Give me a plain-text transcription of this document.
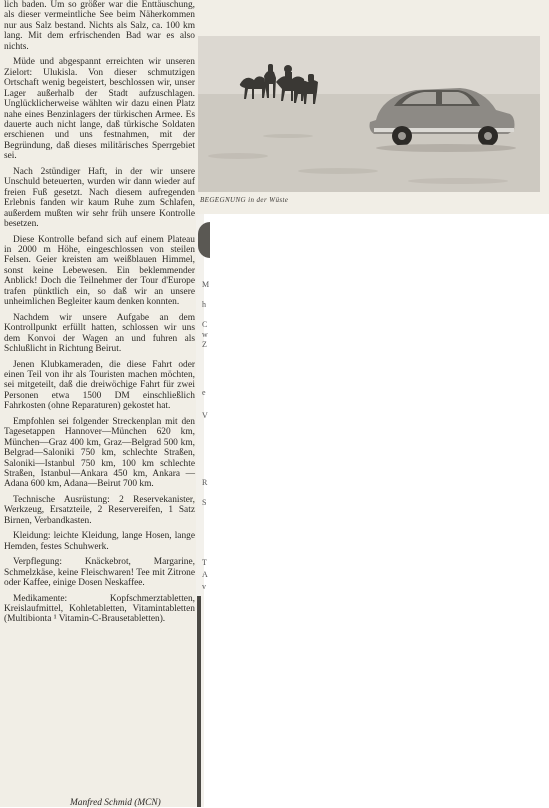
lich baden. Um so größer war die Enttäuschung, als dieser vermeintliche See beim Näherkommen nur aus Salz bestand. Nichts als Salz, ca. 100 km lang. Mit dem erfrischenden Bad war es also nichts.

Müde und abgespannt erreichten wir unseren Zielort: Ulukisla. Von dieser schmutzigen Ortschaft wenig begeistert, beschlossen wir, unser Lager außerhalb der Stadt aufzuschlagen. Unglücklicherweise wählten wir dazu einen Platz nahe eines Benzinlagers der türkischen Armee. Es dauerte auch nicht lange, daß türkische Soldaten erschienen und uns festnahmen, mit der Begründung, daß dieses militärisches Sperrgebiet sei.

Nach 2stündiger Haft, in der wir unsere Unschuld beteuerten, wurden wir dann wieder auf freien Fuß gesetzt. Nach diesem aufregenden Erlebnis fanden wir kaum Ruhe zum Schlafen, außerdem mußten wir sehr früh unsere Kontrolle besetzen.

Diese Kontrolle befand sich auf einem Plateau in 2000 m Höhe, eingeschlossen von steilen Felsen. Geier kreisten am weißblauen Himmel, sonst keine Lebewesen. Ein beklemmender Anblick! Doch die Teilnehmer der Tour d'Europe trafen pünktlich ein, so daß wir an unsere unheimlichen Begleiter kaum denken konnten.

Nachdem wir unsere Aufgabe an dem Kontrollpunkt erfüllt hatten, schlossen wir uns dem Konvoi der Wagen an und fuhren als Schlußlicht in Richtung Beirut.

Jenen Klubkameraden, die diese Fahrt oder einen Teil von ihr als Touristen machen möchten, sei mitgeteilt, daß die dreiwöchige Fahrt für zwei Personen etwa 1500 DM einschließlich Fahrkosten (ohne Reparaturen) gekostet hat.

Empfohlen sei folgender Streckenplan mit den Tagesetappen Hannover—München 620 km, München—Graz 400 km, Graz—Belgrad 500 km, Belgrad—Saloniki 750 km, schlechte Straßen, Saloniki—Istanbul 750 km, 100 km schlechte Straßen, Istanbul—Ankara 450 km, Ankara — Adana 600 km, Adana—Beirut 700 km.

Technische Ausrüstung: 2 Reservekanister, Werkzeug, Ersatzteile, 2 Reservereifen, 1 Satz Birnen, Verbandkasten.

Kleidung: leichte Kleidung, lange Hosen, lange Hemden, festes Schuhwerk.

Verpflegung: Knäckebrot, Margarine, Schmelzkäse, keine Fleischwaren! Tee mit Zitrone oder Kaffee, einige Dosen Neskaffee.

Medikamente: Kopfschmerztabletten, Kreislaufmittel, Kohletabletten, Vitamintabletten (Multibionta ¹ Vitamin-C-Brausetabletten).

Manfred Schmid (MCN)
BEGEGNUNG in der Wüste
M
h
C
w
Z
e
V
R
S
T
A
v
